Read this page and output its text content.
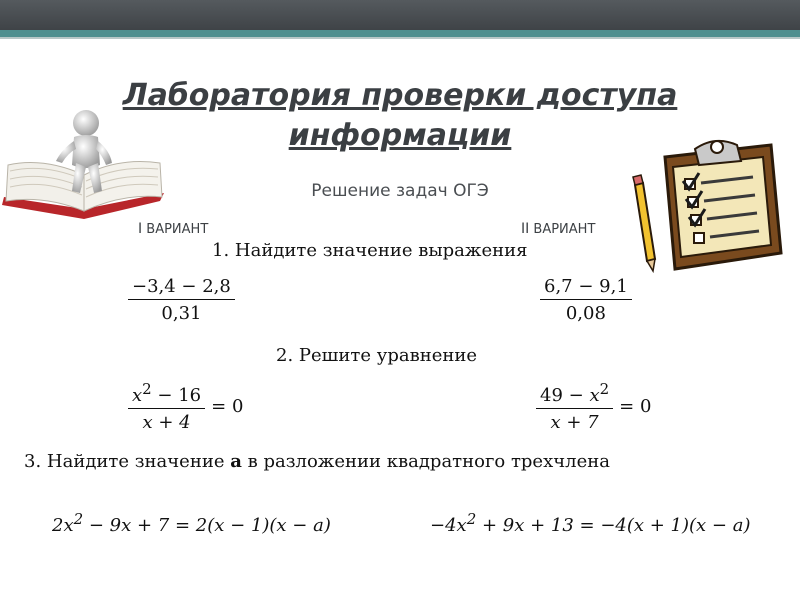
Лаборатория проверки доступа информации
Решение задач ОГЭ
I ВАРИАНТ	II ВАРИАНТ
1. Найдите значение выражения
$\frac{-3,4 - 2,8}{0,31}$	$\frac{6,7 - 9,1}{0,08}$
2. Решите уравнение
$\frac{x^2 - 16}{x + 4} = 0$	$\frac{49 - x^2}{x + 7} = 0$
3. Найдите значение a в разложении квадратного трехчлена
$2x^2 - 9x + 7 = 2(x - 1)(x - a)$	$-4x^2 + 9x + 13 = -4(x + 1)(x - a)$
